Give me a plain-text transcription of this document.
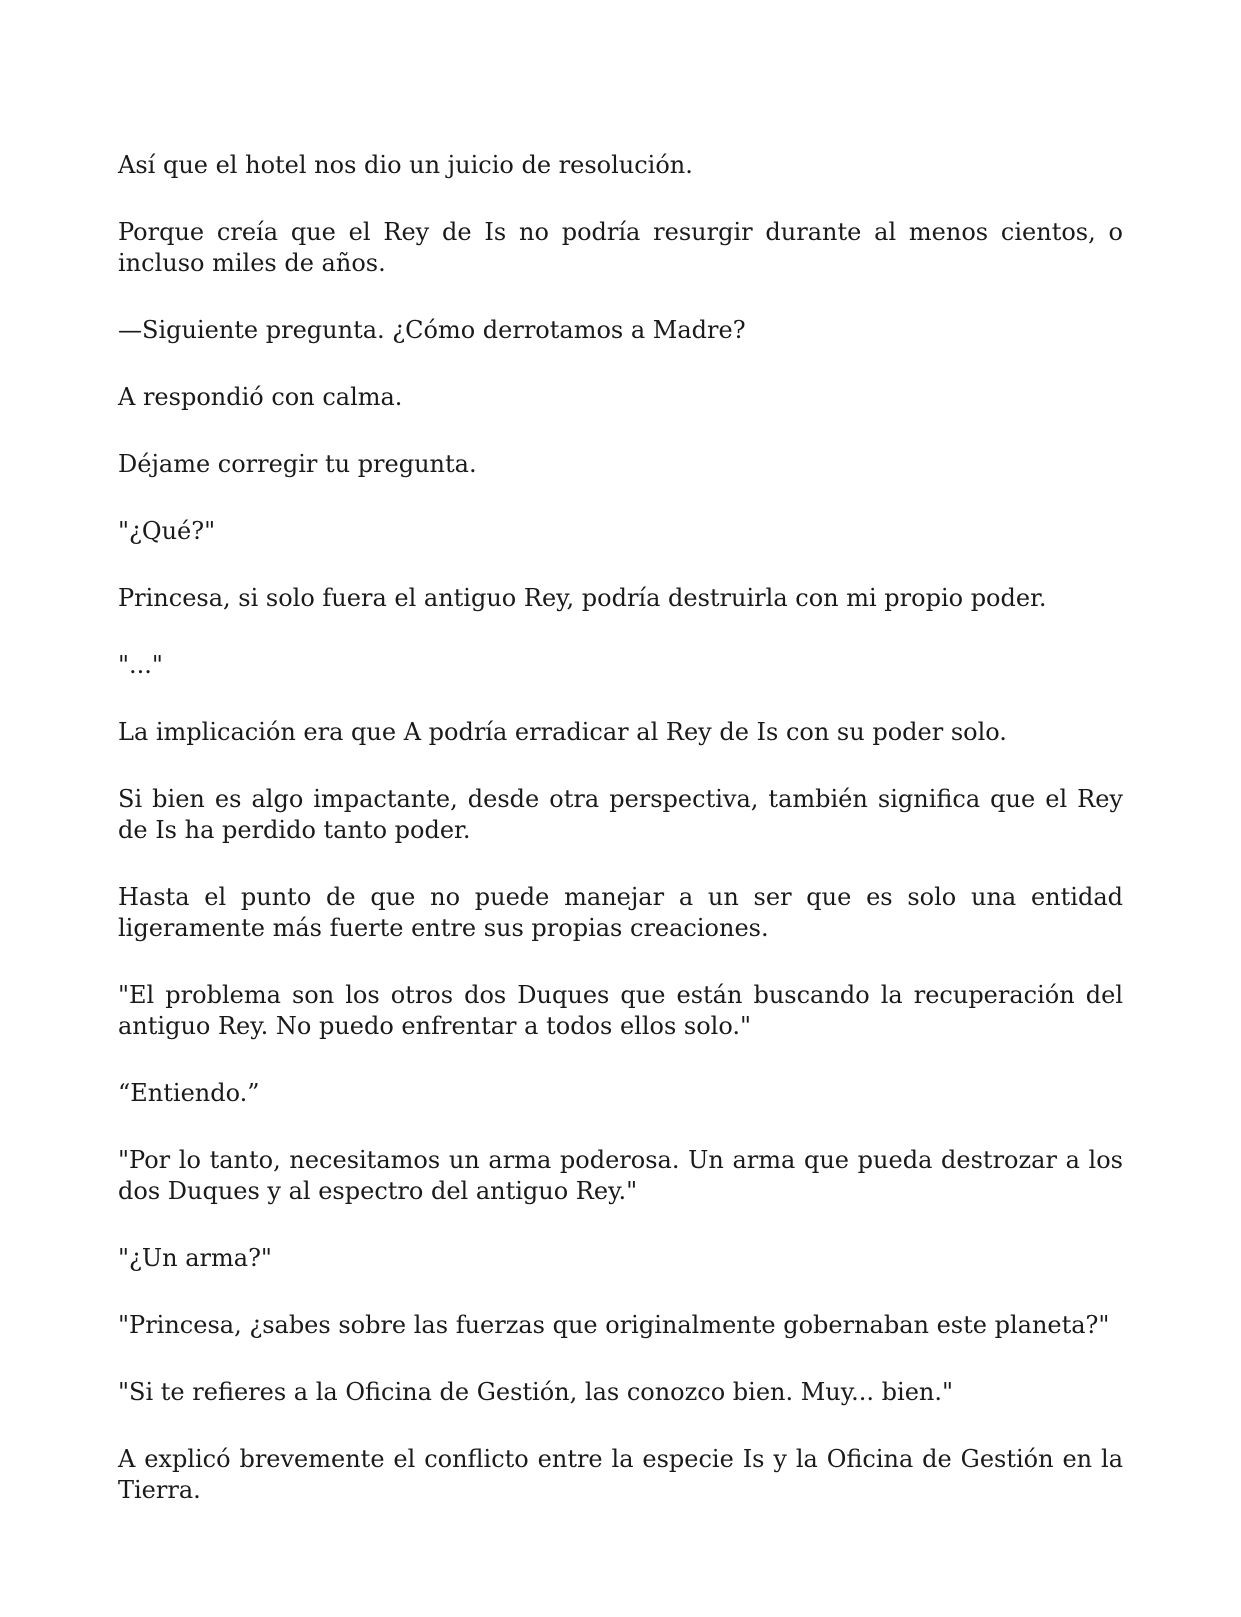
Así que el hotel nos dio un juicio de resolución.

Porque creía que el Rey de Is no podría resurgir durante al menos cientos, o incluso miles de años.

—Siguiente pregunta. ¿Cómo derrotamos a Madre?

A respondió con calma.

Déjame corregir tu pregunta.

"¿Qué?"

Princesa, si solo fuera el antiguo Rey, podría destruirla con mi propio poder.

"..."

La implicación era que A podría erradicar al Rey de Is con su poder solo.

Si bien es algo impactante, desde otra perspectiva, también significa que el Rey de Is ha perdido tanto poder.

Hasta el punto de que no puede manejar a un ser que es solo una entidad ligeramente más fuerte entre sus propias creaciones.

"El problema son los otros dos Duques que están buscando la recuperación del antiguo Rey. No puedo enfrentar a todos ellos solo."

“Entiendo.”

"Por lo tanto, necesitamos un arma poderosa. Un arma que pueda destrozar a los dos Duques y al espectro del antiguo Rey."

"¿Un arma?"

"Princesa, ¿sabes sobre las fuerzas que originalmente gobernaban este planeta?"

"Si te refieres a la Oficina de Gestión, las conozco bien. Muy... bien."

A explicó brevemente el conflicto entre la especie Is y la Oficina de Gestión en la Tierra.
